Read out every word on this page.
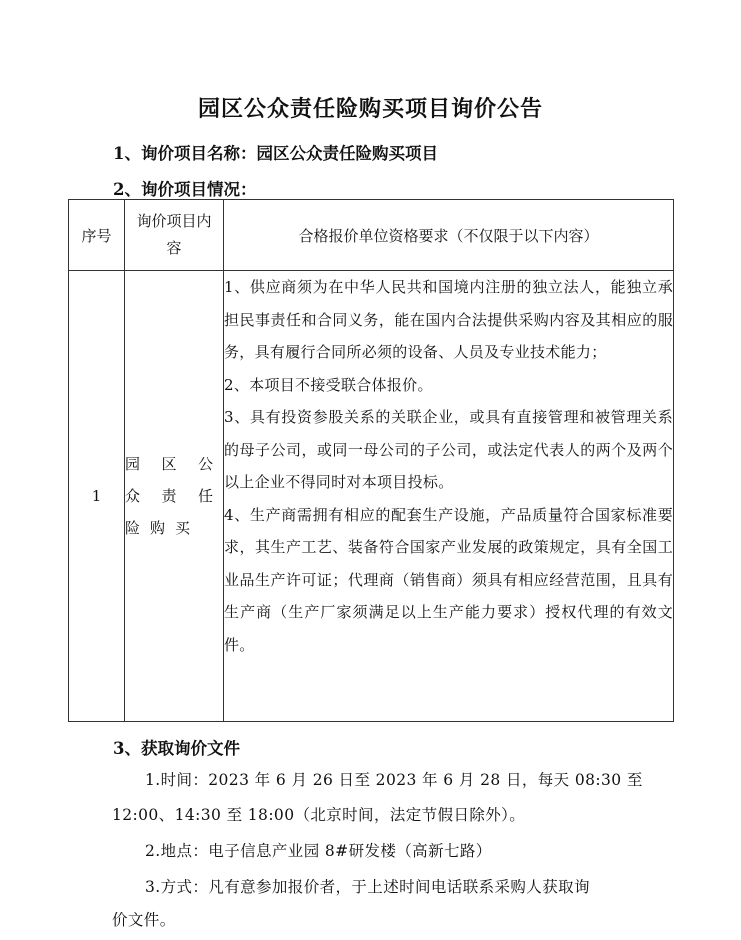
园区公众责任险购买项目询价公告
1、询价项目名称：园区公众责任险购买项目
2、询价项目情况：
序号	询价项目内容	合格报价单位资格要求（不仅限于以下内容）
1	园区公众责任险购买	1、供应商须为在中华人民共和国境内注册的独立法人，能独立承担民事责任和合同义务，能在国内合法提供采购内容及其相应的服务，具有履行合同所必须的设备、人员及专业技术能力；
2、本项目不接受联合体报价。
3、具有投资参股关系的关联企业，或具有直接管理和被管理关系的母子公司，或同一母公司的子公司，或法定代表人的两个及两个以上企业不得同时对本项目投标。
4、生产商需拥有相应的配套生产设施，产品质量符合国家标准要求，其生产工艺、装备符合国家产业发展的政策规定，具有全国工业品生产许可证；代理商（销售商）须具有相应经营范围，且具有生产商（生产厂家须满足以上生产能力要求）授权代理的有效文件。
3、获取询价文件
1.时间：2023 年 6 月 26 日至 2023 年 6 月 28 日，每天 08:30 至
12:00、14:30 至 18:00（北京时间，法定节假日除外）。
2.地点：电子信息产业园 8#研发楼（高新七路）
3.方式：凡有意参加报价者，于上述时间电话联系采购人获取询
价文件。
